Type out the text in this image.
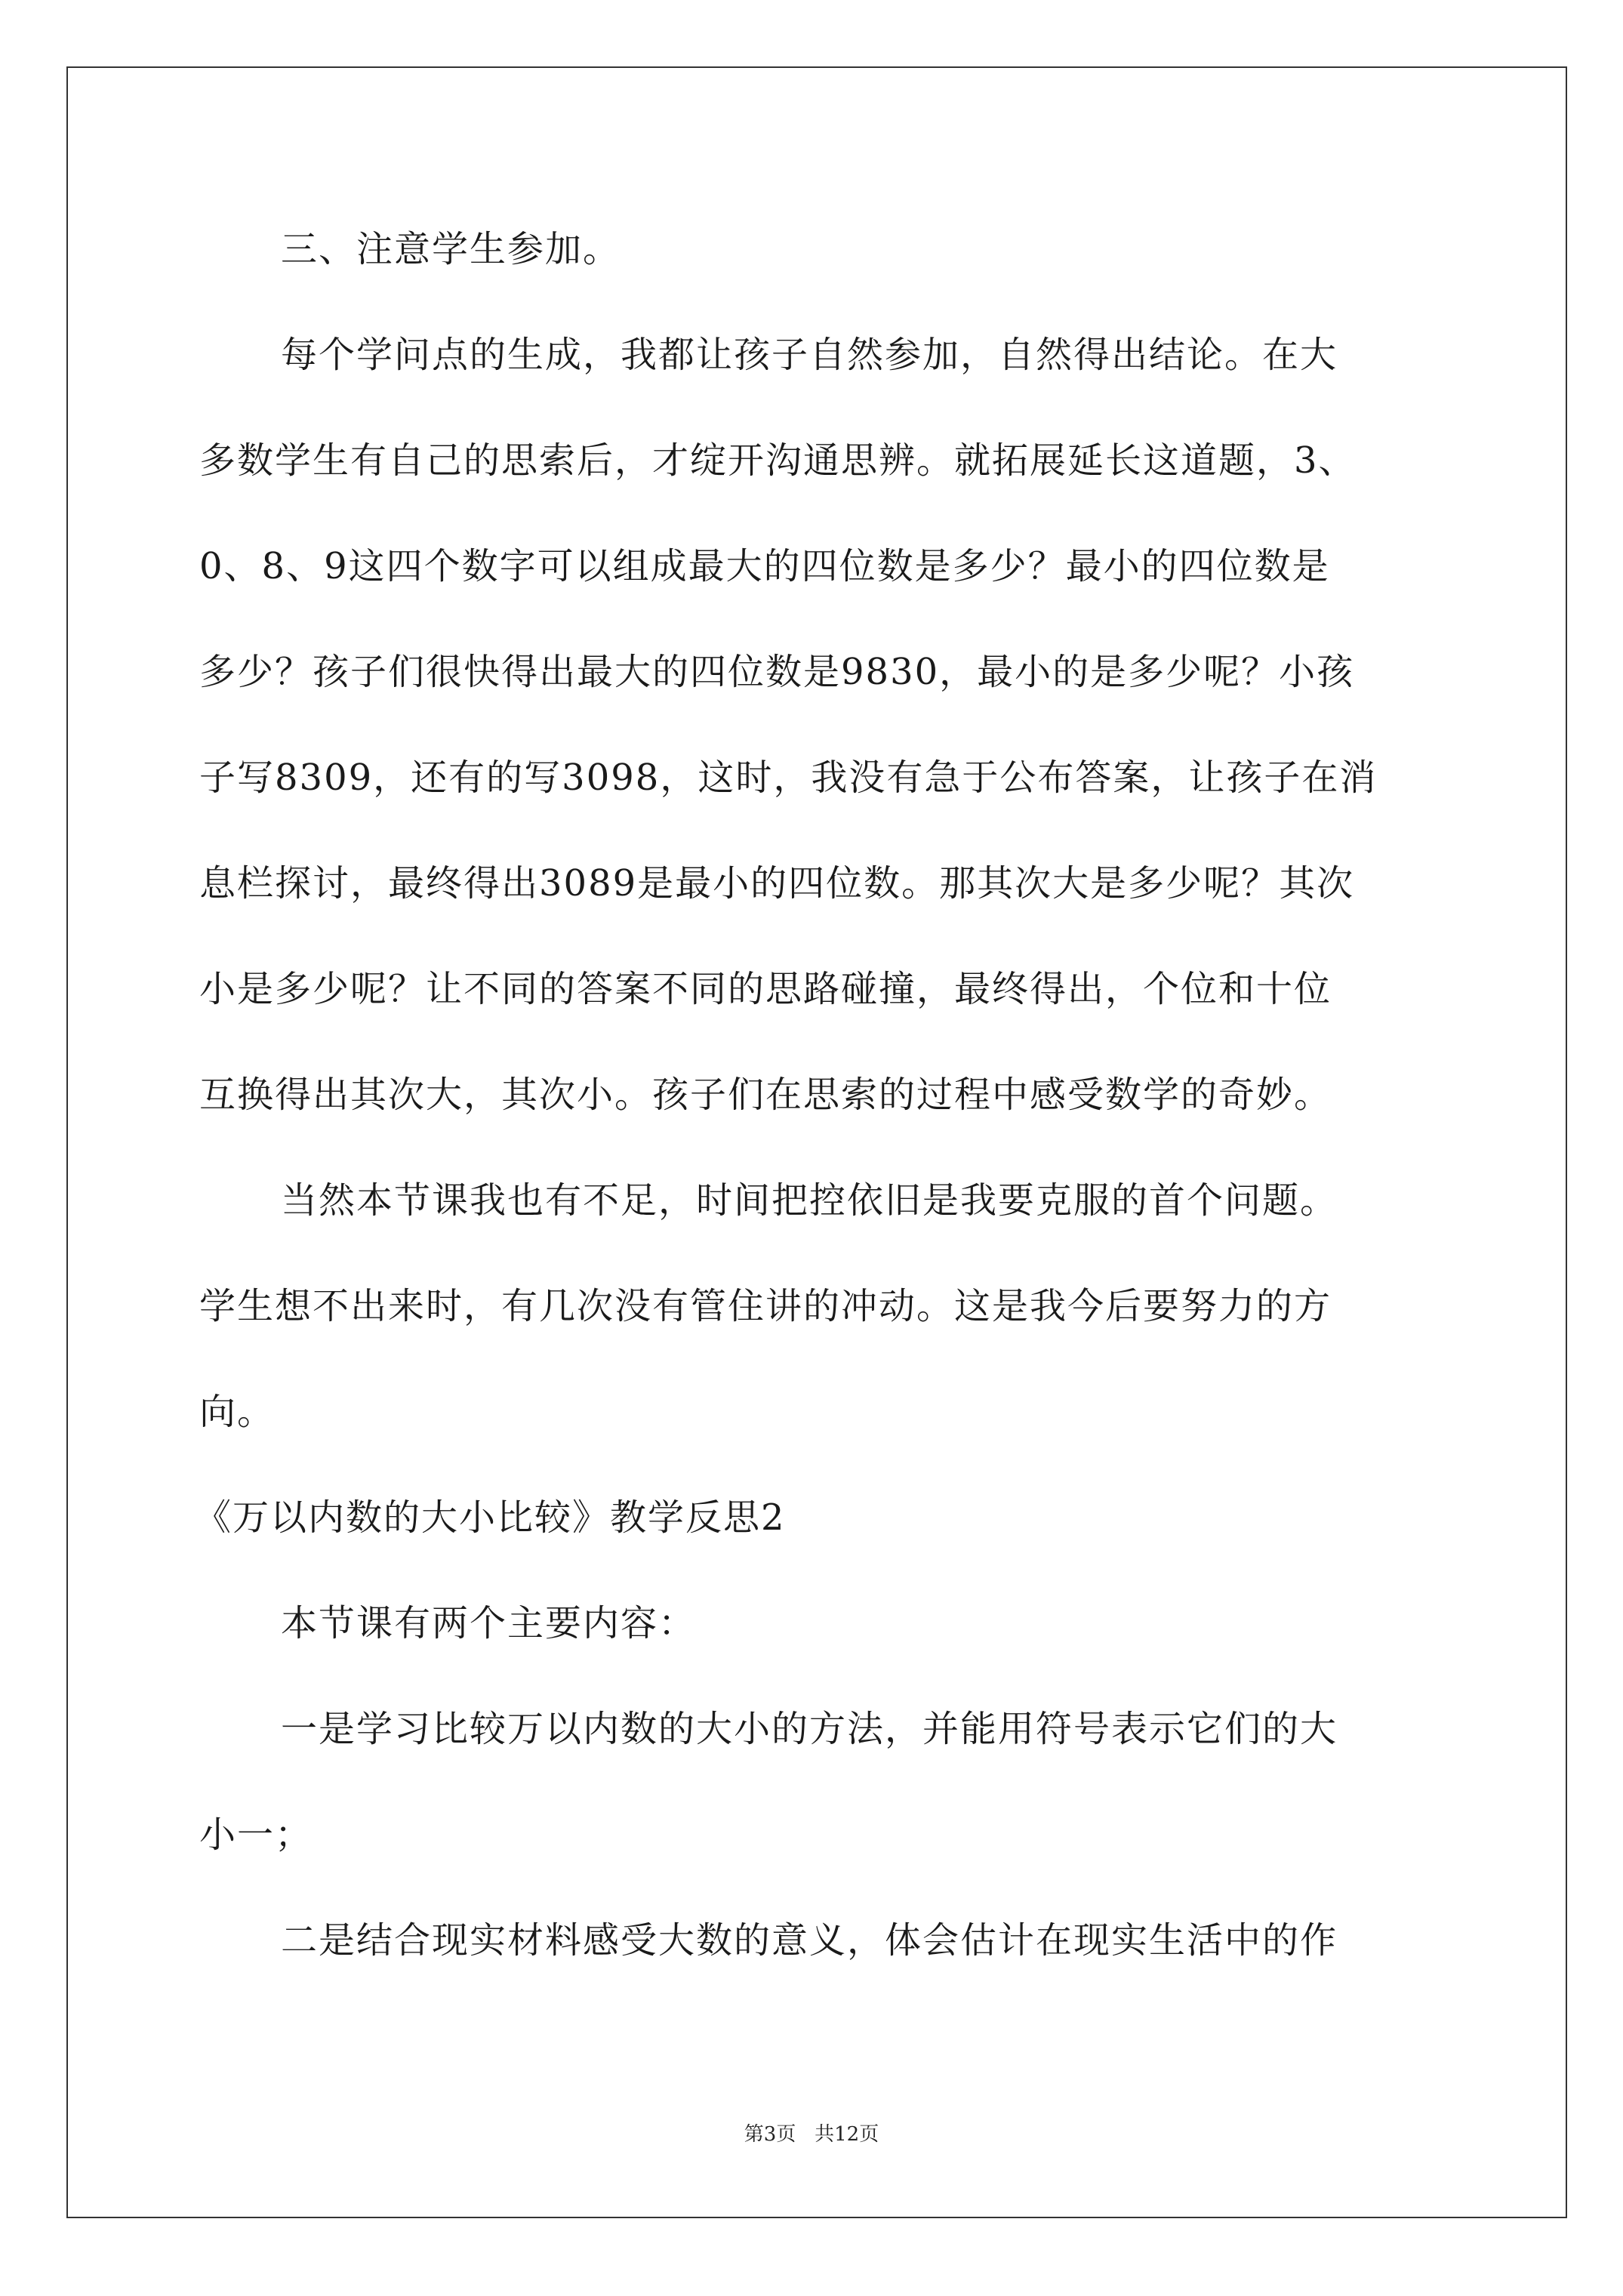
三、注意学生参加。
每个学问点的生成，我都让孩子自然参加，自然得出结论。在大
多数学生有自己的思索后，才绽开沟通思辨。就拓展延长这道题，3、
0、8、9这四个数字可以组成最大的四位数是多少？最小的四位数是
多少？孩子们很快得出最大的四位数是9830，最小的是多少呢？小孩
子写8309，还有的写3098，这时，我没有急于公布答案，让孩子在消
息栏探讨，最终得出3089是最小的四位数。那其次大是多少呢？其次
小是多少呢？让不同的答案不同的思路碰撞，最终得出，个位和十位
互换得出其次大，其次小。孩子们在思索的过程中感受数学的奇妙。
当然本节课我也有不足，时间把控依旧是我要克服的首个问题。
学生想不出来时，有几次没有管住讲的冲动。这是我今后要努力的方
向。
《万以内数的大小比较》教学反思2
本节课有两个主要内容：
一是学习比较万以内数的大小的方法，并能用符号表示它们的大
小一；
二是结合现实材料感受大数的意义，体会估计在现实生活中的作
第3页   共12页
